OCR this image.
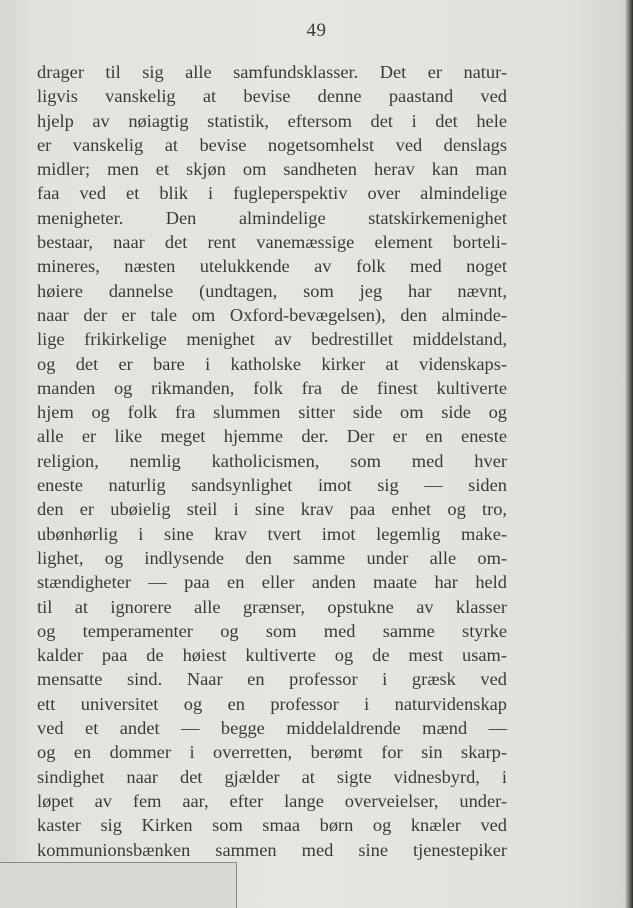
49
drager til sig alle samfundsklasser. Det er natur-
ligvis vanskelig at bevise denne paastand ved
hjelp av nøiagtig statistik, eftersom det i det hele
er vanskelig at bevise nogetsomhelst ved denslags
midler; men et skjøn om sandheten herav kan man
faa ved et blik i fugleperspektiv over almindelige
menigheter. Den almindelige statskirkemenighet
bestaar, naar det rent vanemæssige element borteli-
mineres, næsten utelukkende av folk med noget
høiere dannelse (undtagen, som jeg har nævnt,
naar der er tale om Oxford-bevægelsen), den alminde-
lige frikirkelige menighet av bedrestillet middelstand,
og det er bare i katholske kirker at videnskaps-
manden og rikmanden, folk fra de finest kultiverte
hjem og folk fra slummen sitter side om side og
alle er like meget hjemme der. Der er en eneste
religion, nemlig katholicismen, som med hver
eneste naturlig sandsynlighet imot sig — siden
den er ubøielig steil i sine krav paa enhet og tro,
ubønhørlig i sine krav tvert imot legemlig make-
lighet, og indlysende den samme under alle om-
stændigheter — paa en eller anden maate har held
til at ignorere alle grænser, opstukne av klasser
og temperamenter og som med samme styrke
kalder paa de høiest kultiverte og de mest usam-
mensatte sind. Naar en professor i græsk ved
ett universitet og en professor i naturvidenskap
ved et andet — begge middelaldrende mænd —
og en dommer i overretten, berømt for sin skarp-
sindighet naar det gjælder at sigte vidnesbyrd, i
løpet av fem aar, efter lange overveielser, under-
kaster sig Kirken som smaa børn og knæler ved
kommunionsbænken sammen med sine tjenestepiker
